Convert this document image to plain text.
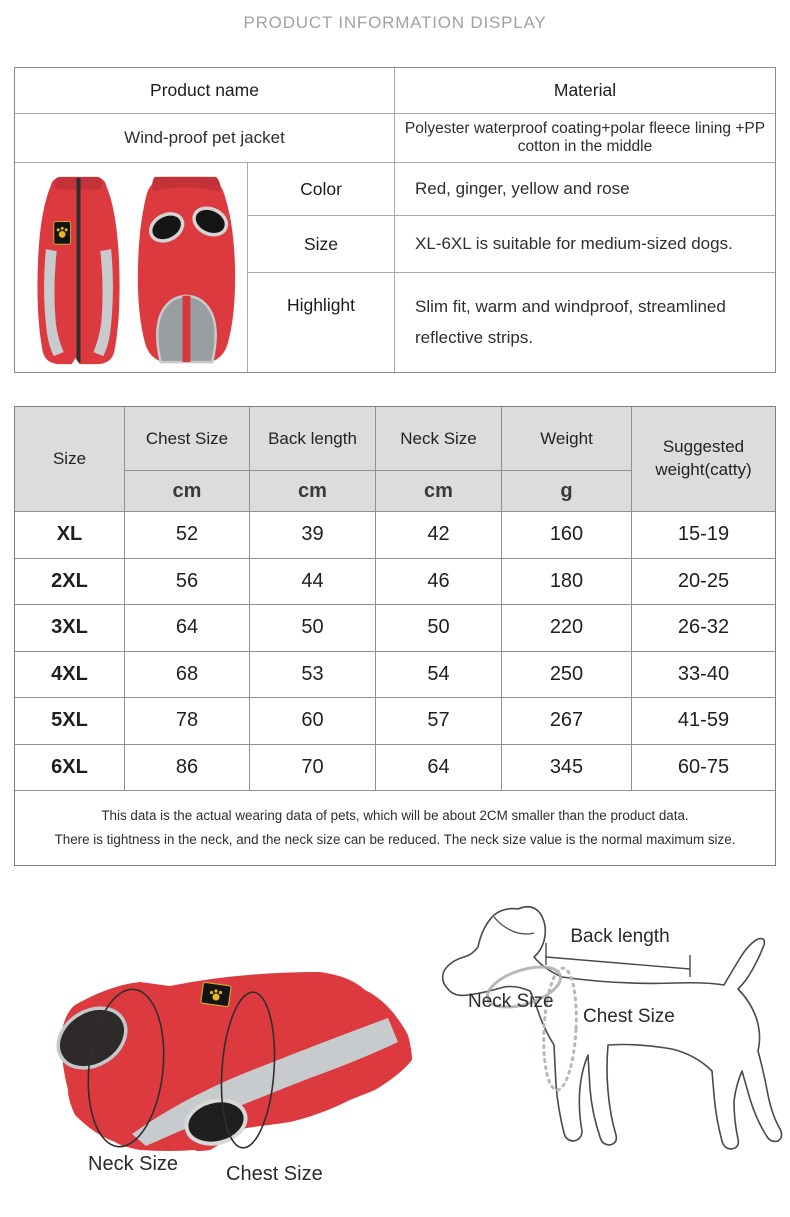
PRODUCT INFORMATION DISPLAY
Product name	Material
Wind-proof pet jacket	Polyester waterproof coating+polar fleece lining +PP cotton in the middle
Color	Red, ginger, yellow and rose
Size	XL-6XL is suitable for medium-sized dogs.
Highlight	Slim fit, warm and windproof, streamlined reflective strips.
Size
Chest Size	Back length	Neck Size	Weight	Suggested weight(catty)
cm	cm	cm	g
XL	52	39	42	160	15-19
2XL	56	44	46	180	20-25
3XL	64	50	50	220	26-32
4XL	68	53	54	250	33-40
5XL	78	60	57	267	41-59
6XL	86	70	64	345	60-75
This data is the actual wearing data of pets, which will be about 2CM smaller than the product data.
There is tightness in the neck, and the neck size can be reduced. The neck size value is the normal maximum size.
Back length
Neck Size
Chest Size
Neck Size Chest Size
